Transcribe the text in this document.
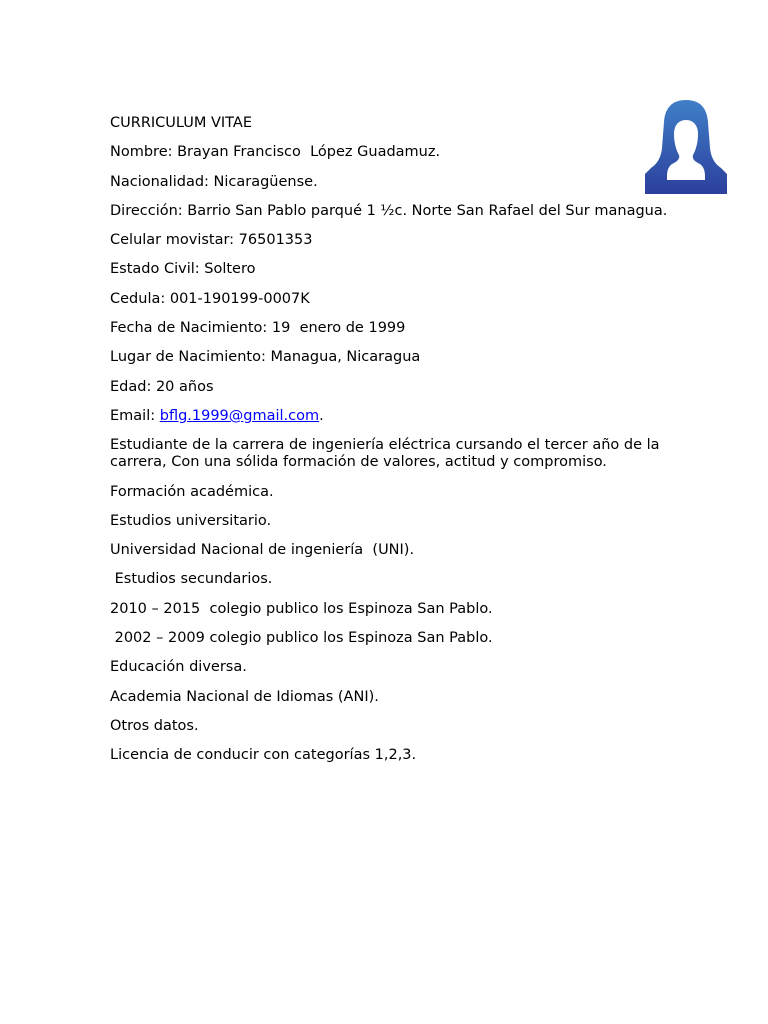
CURRICULUM VITAE

Nombre: Brayan Francisco  López Guadamuz.

Nacionalidad: Nicaragüense.

Dirección: Barrio San Pablo parqué 1 ½c. Norte San Rafael del Sur managua.

Celular movistar: 76501353

Estado Civil: Soltero

Cedula: 001-190199-0007K

Fecha de Nacimiento: 19  enero de 1999

Lugar de Nacimiento: Managua, Nicaragua

Edad: 20 años

Email: bflg.1999@gmail.com.

Estudiante de la carrera de ingeniería eléctrica cursando el tercer año de la carrera, Con una sólida formación de valores, actitud y compromiso.

Formación académica.

Estudios universitario.

Universidad Nacional de ingeniería  (UNI).

Estudios secundarios.

2010 – 2015  colegio publico los Espinoza San Pablo.

2002 – 2009 colegio publico los Espinoza San Pablo.

Educación diversa.

Academia Nacional de Idiomas (ANI).

Otros datos.

Licencia de conducir con categorías 1,2,3.
